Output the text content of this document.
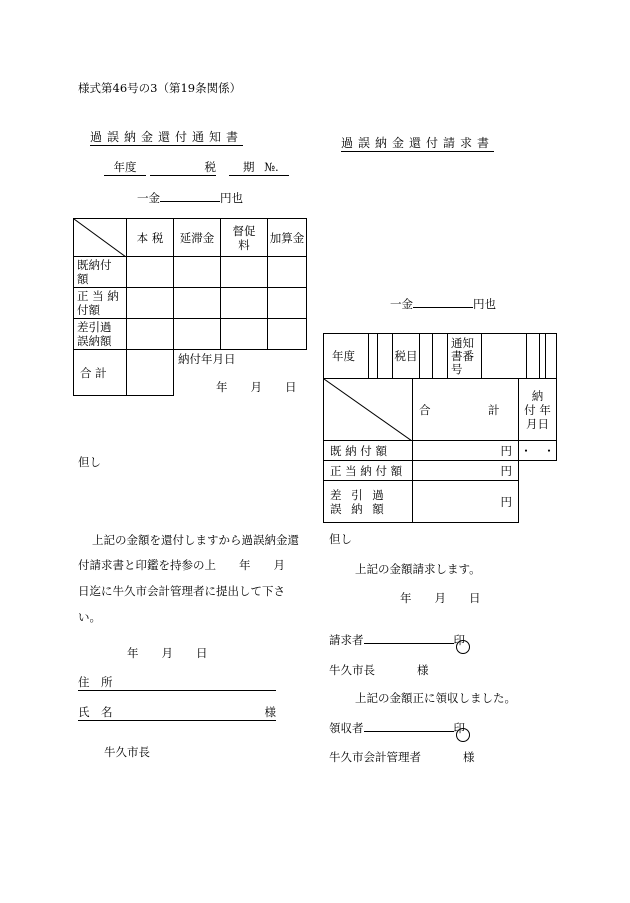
様式第46号の3（第19条関係）
過誤納金還付通知書
年度	税	期 №.
一金	円也
	本 税	延滞金	督促料	加算金
既納付額				
正 当 納付額				
差引過誤納額				
合 計		納付年月日
年　　月　　日		
但し
上記の金額を還付しますから過誤納金還
付請求書と印鑑を持参の上　　年　　月
日迄に牛久市会計管理者に提出して下さ
い。
年　　月　　日
住　所
氏　名	様
牛久市長
過誤納金還付請求書
一金	円也
年度			税目			通知書番号				
	合　　　　　計	納　付 年月日
既 納 付 額	円	・　・
正 当 納 付 額	円	
差 引 過 誤 納 額	円	
但し
上記の金額請求します。
年　　月　　日
請求者	印
牛久市長	様
上記の金額正に領収しました。
領収者	印
牛久市会計管理者	様
